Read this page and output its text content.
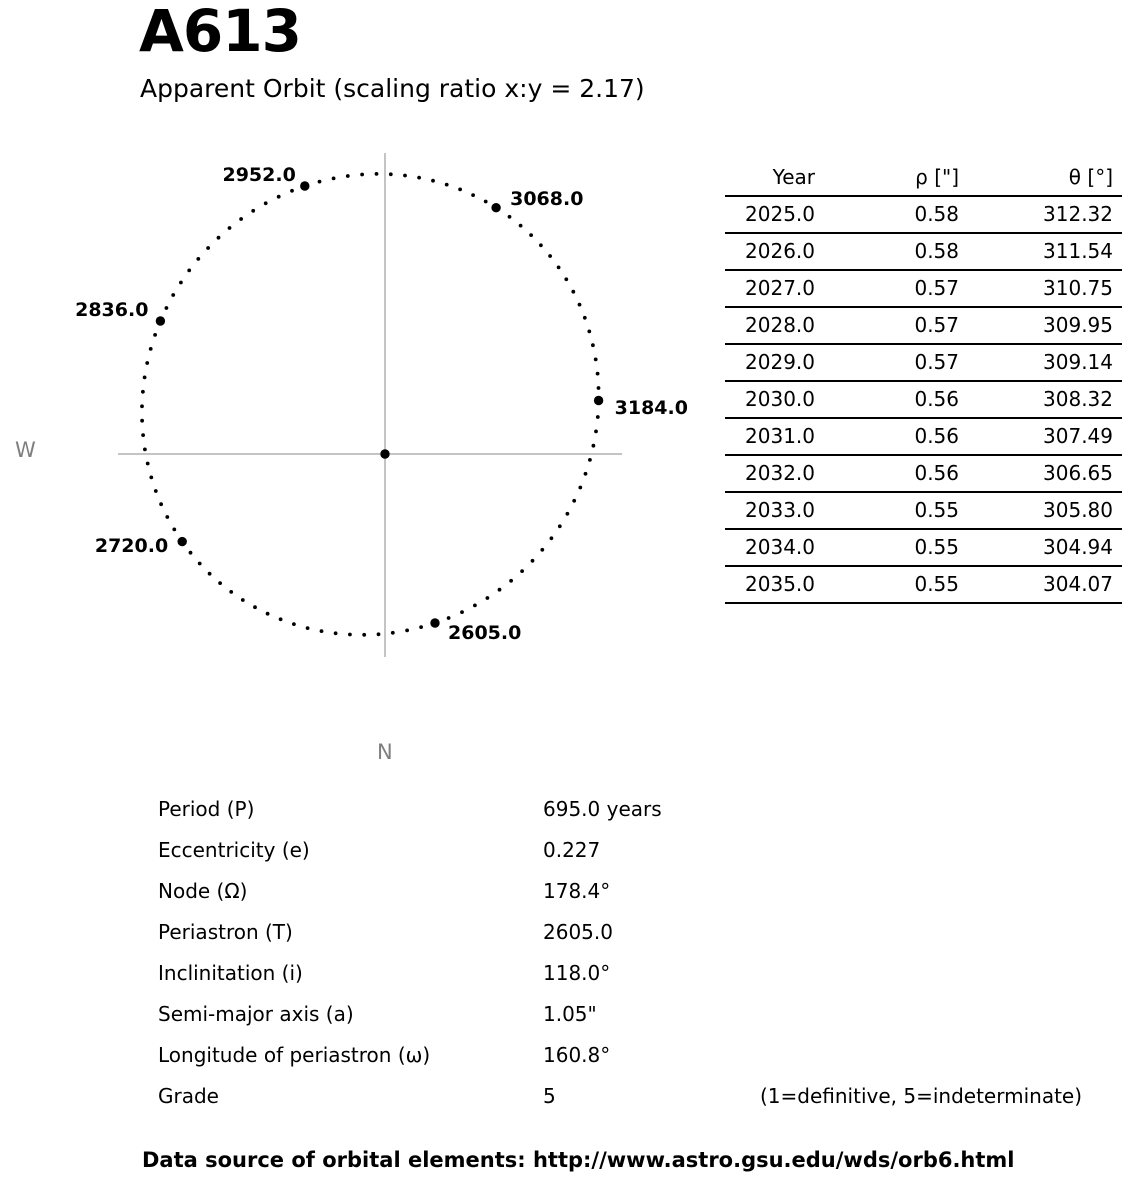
A613
Apparent Orbit (scaling ratio x:y = 2.17)
W
N
2605.0
2720.0
2836.0
2952.0
3068.0
3184.0
Year	ρ ["]	θ [°]
2025.0	0.58	312.32
2026.0	0.58	311.54
2027.0	0.57	310.75
2028.0	0.57	309.95
2029.0	0.57	309.14
2030.0	0.56	308.32
2031.0	0.56	307.49
2032.0	0.56	306.65
2033.0	0.55	305.80
2034.0	0.55	304.94
2035.0	0.55	304.07
Period (P)	695.0 years
Eccentricity (e)	0.227
Node (Ω)	178.4°
Periastron (T)	2605.0
Inclinitation (i)	118.0°
Semi-major axis (a)	1.05"
Longitude of periastron (ω)	160.8°
Grade	5	(1=definitive, 5=indeterminate)
Data source of orbital elements: http://www.astro.gsu.edu/wds/orb6.html
